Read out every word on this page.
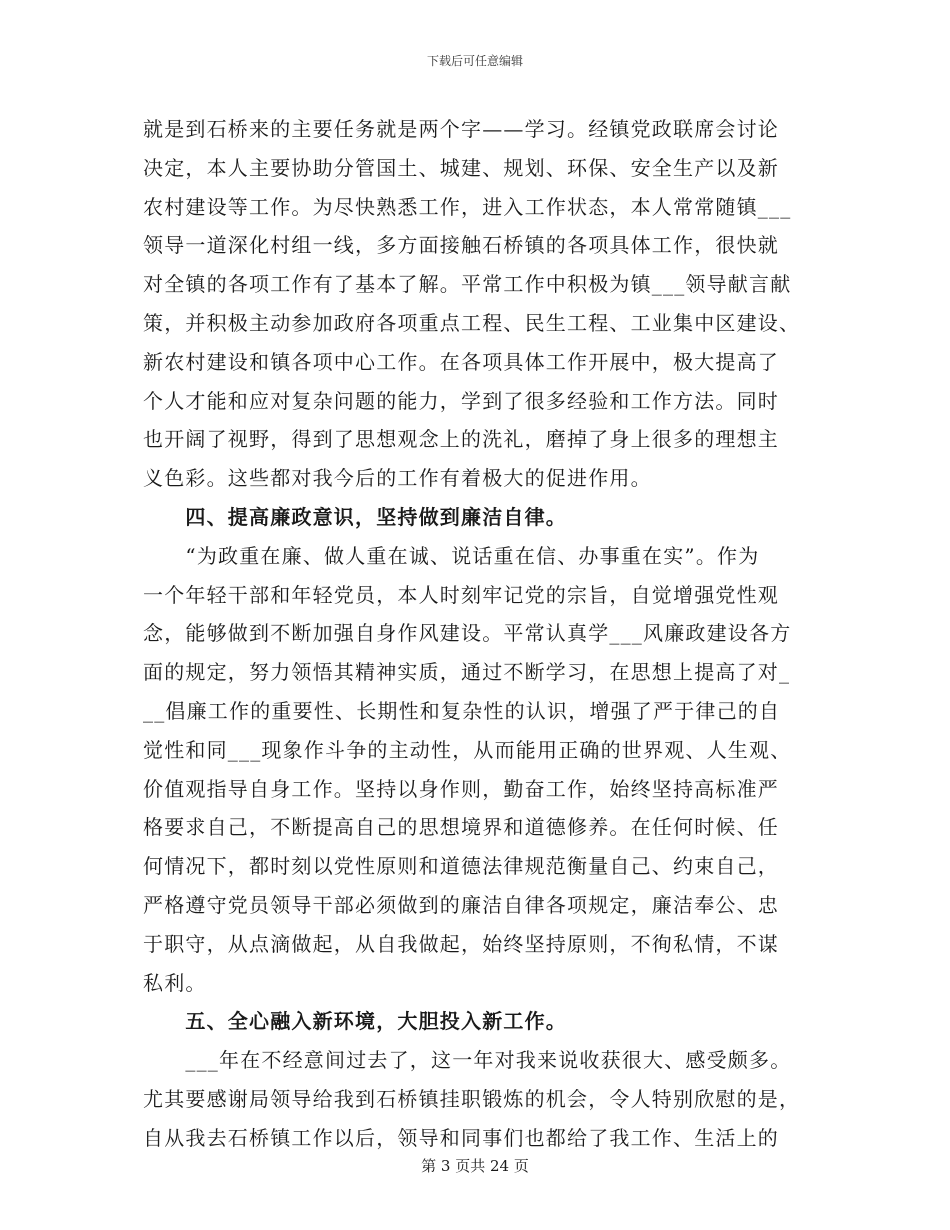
下载后可任意编辑
就是到石桥来的主要任务就是两个字——学习。经镇党政联席会讨论
决定，本人主要协助分管国土、城建、规划、环保、安全生产以及新
农村建设等工作。为尽快熟悉工作，进入工作状态，本人常常随镇___
领导一道深化村组一线，多方面接触石桥镇的各项具体工作，很快就
对全镇的各项工作有了基本了解。平常工作中积极为镇___领导献言献
策，并积极主动参加政府各项重点工程、民生工程、工业集中区建设、
新农村建设和镇各项中心工作。在各项具体工作开展中，极大提高了
个人才能和应对复杂问题的能力，学到了很多经验和工作方法。同时
也开阔了视野，得到了思想观念上的洗礼，磨掉了身上很多的理想主
义色彩。这些都对我今后的工作有着极大的促进作用。
　　四、提高廉政意识，坚持做到廉洁自律。
　　“为政重在廉、做人重在诚、说话重在信、办事重在实”。作为
一个年轻干部和年轻党员，本人时刻牢记党的宗旨，自觉增强党性观
念，能够做到不断加强自身作风建设。平常认真学___风廉政建设各方
面的规定，努力领悟其精神实质，通过不断学习，在思想上提高了对_
__倡廉工作的重要性、长期性和复杂性的认识，增强了严于律己的自
觉性和同___现象作斗争的主动性，从而能用正确的世界观、人生观、
价值观指导自身工作。坚持以身作则，勤奋工作，始终坚持高标准严
格要求自己，不断提高自己的思想境界和道德修养。在任何时候、任
何情况下，都时刻以党性原则和道德法律规范衡量自己、约束自己，
严格遵守党员领导干部必须做到的廉洁自律各项规定，廉洁奉公、忠
于职守，从点滴做起，从自我做起，始终坚持原则，不徇私情，不谋
私利。
　　五、全心融入新环境，大胆投入新工作。
　　___年在不经意间过去了，这一年对我来说收获很大、感受颇多。
尤其要感谢局领导给我到石桥镇挂职锻炼的机会，令人特别欣慰的是，
自从我去石桥镇工作以后，领导和同事们也都给了我工作、生活上的
第 3 页共 24 页
